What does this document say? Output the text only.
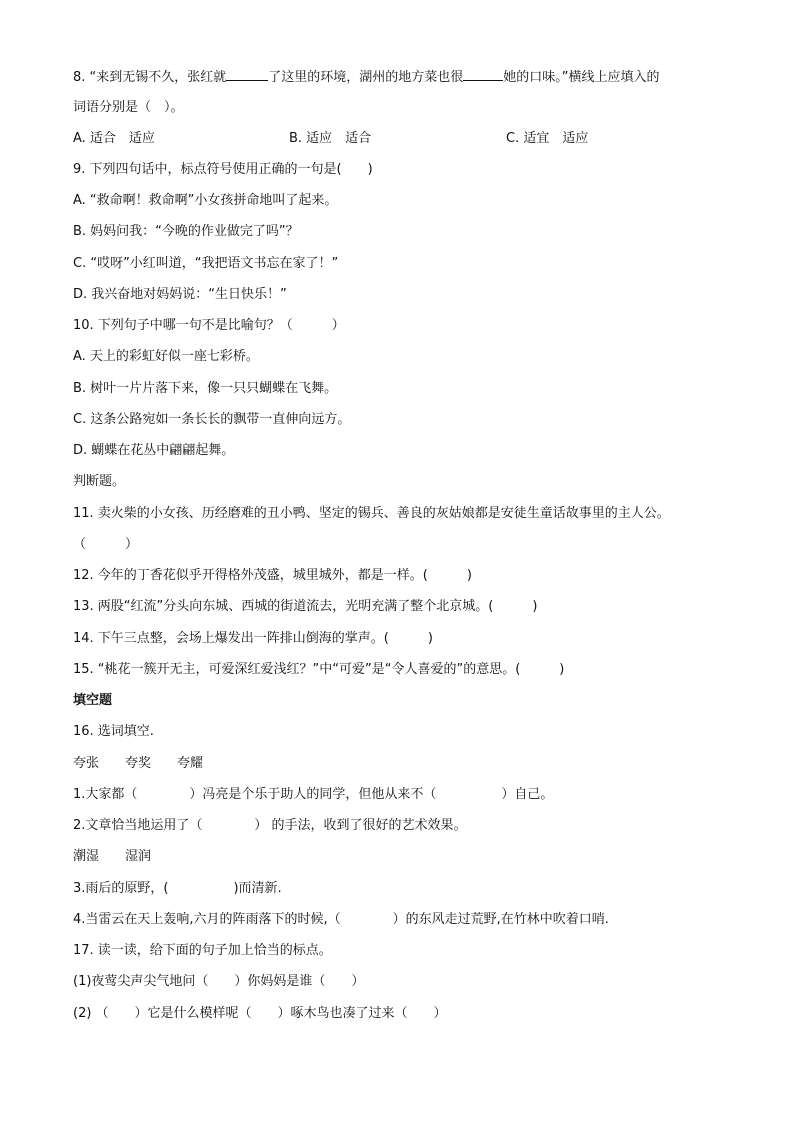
8. “来到无锡不久，张红就	了这里的环境，湖州的地方菜也很	她的口味。”横线上应填入的
词语分别是（　）。
A. 适合　适应	B. 适应　适合	C. 适宜　适应
9. 下列四句话中，标点符号使用正确的一句是(　　)
A. “救命啊！救命啊”小女孩拼命地叫了起来。
B. 妈妈问我：“今晚的作业做完了吗”？
C. “哎呀”小红叫道，“我把语文书忘在家了！”
D. 我兴奋地对妈妈说：“生日快乐！”
10. 下列句子中哪一句不是比喻句？（　　　）
A. 天上的彩虹好似一座七彩桥。
B. 树叶一片片落下来，像一只只蝴蝶在飞舞。
C. 这条公路宛如一条长长的飘带一直伸向远方。
D. 蝴蝶在花丛中翩翩起舞。
判断题。
11. 卖火柴的小女孩、历经磨难的丑小鸭、坚定的锡兵、善良的灰姑娘都是安徒生童话故事里的主人公。
（　　　）
12. 今年的丁香花似乎开得格外茂盛，城里城外，都是一样。(　　　)
13. 两股“红流”分头向东城、西城的街道流去，光明充满了整个北京城。(　　　)
14. 下午三点整，会场上爆发出一阵排山倒海的掌声。(　　　)
15. “桃花一簇开无主，可爱深红爱浅红？”中“可爱”是“令人喜爱的”的意思。(　　　)
填空题
16. 选词填空.
夸张　　夸奖　　夸耀
1.大家都（　　　　）冯亮是个乐于助人的同学，但他从来不（　　　　　）自己。
2.文章恰当地运用了（　　　　） 的手法，收到了很好的艺术效果。
潮湿　　湿润
3.雨后的原野，(　　　　　)而清新.
4.当雷云在天上轰响,六月的阵雨落下的时候,（　　　　）的东风走过荒野,在竹林中吹着口哨.
17. 读一读，给下面的句子加上恰当的标点。
(1)夜莺尖声尖气地问（　　）你妈妈是谁（　　）
(2) （　　）它是什么模样呢（　　）啄木鸟也凑了过来（　　）
